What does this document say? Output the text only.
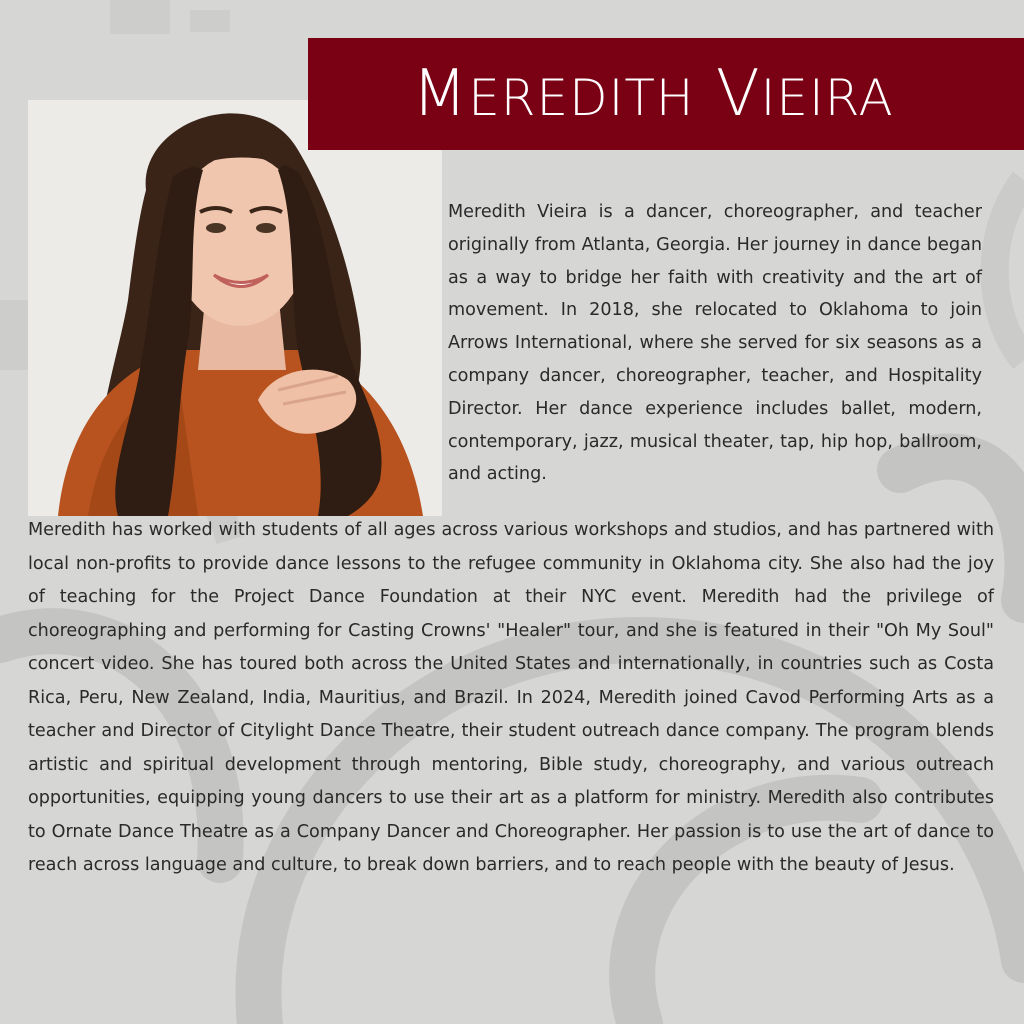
MEREDITH VIEIRA

Meredith Vieira is a dancer, choreographer, and teacher originally from Atlanta, Georgia. Her journey in dance began as a way to bridge her faith with creativity and the art of movement. In 2018, she relocated to Oklahoma to join Arrows International, where she served for six seasons as a company dancer, choreographer, teacher, and Hospitality Director. Her dance experience includes ballet, modern, contemporary, jazz, musical theater, tap, hip hop, ballroom, and acting.

Meredith has worked with students of all ages across various workshops and studios, and has partnered with local non-profits to provide dance lessons to the refugee community in Oklahoma city. She also had the joy of teaching for the Project Dance Foundation at their NYC event. Meredith had the privilege of choreographing and performing for Casting Crowns' "Healer" tour, and she is featured in their "Oh My Soul" concert video. She has toured both across the United States and internationally, in countries such as Costa Rica, Peru, New Zealand, India, Mauritius, and Brazil. In 2024, Meredith joined Cavod Performing Arts as a teacher and Director of Citylight Dance Theatre, their student outreach dance company. The program blends artistic and spiritual development through mentoring, Bible study, choreography, and various outreach opportunities, equipping young dancers to use their art as a platform for ministry. Meredith also contributes to Ornate Dance Theatre as a Company Dancer and Choreographer. Her passion is to use the art of dance to reach across language and culture, to break down barriers, and to reach people with the beauty of Jesus.
